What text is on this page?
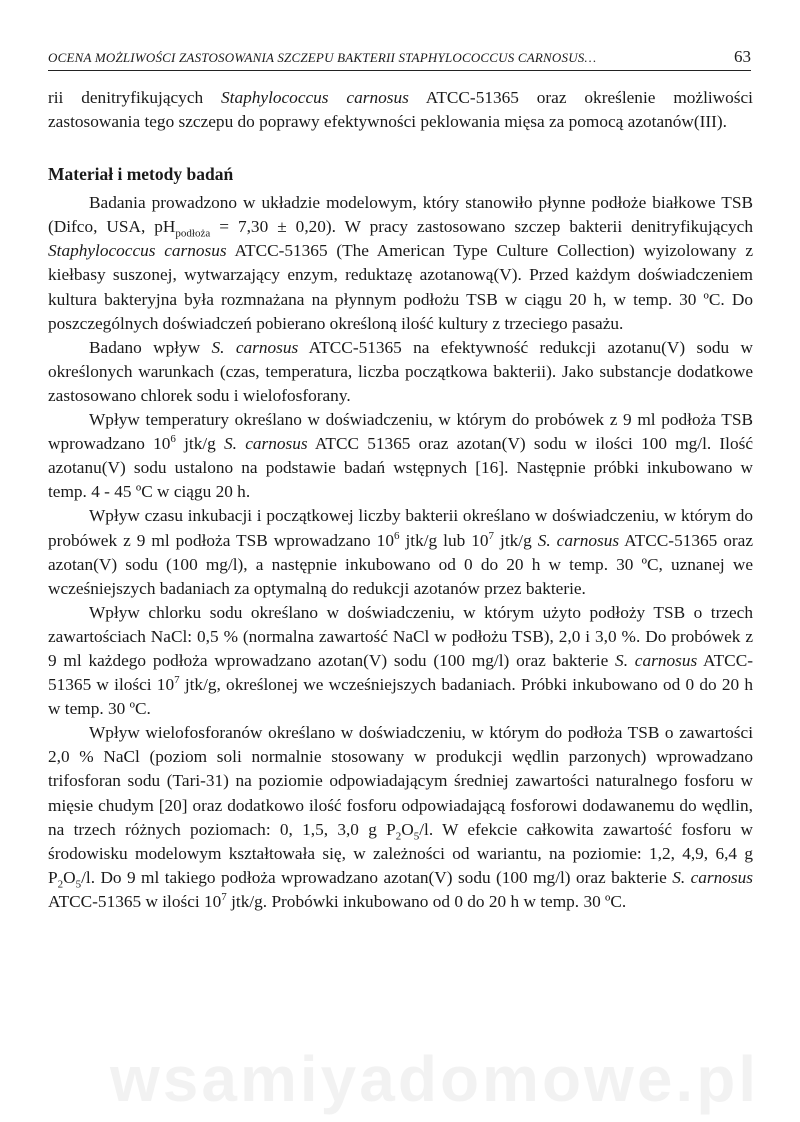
OCENA MOŻLIWOŚCI ZASTOSOWANIA SZCZEPU BAKTERII STAPHYLOCOCCUS CARNOSUS…	63

rii denitryfikujących Staphylococcus carnosus ATCC-51365 oraz określenie możliwości zastosowania tego szczepu do poprawy efektywności peklowania mięsa za pomocą azotanów(III).

Materiał i metody badań

Badania prowadzono w układzie modelowym, który stanowiło płynne podłoże białkowe TSB (Difco, USA, $pH_{podłoża} = 7,30 \pm 0,20$). W pracy zastosowano szczep bakterii denitryfikujących Staphylococcus carnosus ATCC-51365 (The American Type Culture Collection) wyizolowany z kiełbasy suszonej, wytwarzający enzym, reduktazę azotanową(V). Przed każdym doświadczeniem kultura bakteryjna była rozmnażana na płynnym podłożu TSB w ciągu 20 h, w temp. 30 ºC. Do poszczególnych doświadczeń pobierano określoną ilość kultury z trzeciego pasażu.

Badano wpływ S. carnosus ATCC-51365 na efektywność redukcji azotanu(V) sodu w określonych warunkach (czas, temperatura, liczba początkowa bakterii). Jako substancje dodatkowe zastosowano chlorek sodu i wielofosforany.

Wpływ temperatury określano w doświadczeniu, w którym do probówek z 9 ml podłoża TSB wprowadzano $10^6$ jtk/g S. carnosus ATCC 51365 oraz azotan(V) sodu w ilości 100 mg/l. Ilość azotanu(V) sodu ustalono na podstawie badań wstępnych [16]. Następnie próbki inkubowano w temp. 4 - 45 ºC w ciągu 20 h.

Wpływ czasu inkubacji i początkowej liczby bakterii określano w doświadczeniu, w którym do probówek z 9 ml podłoża TSB wprowadzano $10^6$ jtk/g lub $10^7$ jtk/g S. carnosus ATCC-51365 oraz azotan(V) sodu (100 mg/l), a następnie inkubowano od 0 do 20 h w temp. 30 ºC, uznanej we wcześniejszych badaniach za optymalną do redukcji azotanów przez bakterie.

Wpływ chlorku sodu określano w doświadczeniu, w którym użyto podłoży TSB o trzech zawartościach NaCl: 0,5 % (normalna zawartość NaCl w podłożu TSB), 2,0 i 3,0 %. Do probówek z 9 ml każdego podłoża wprowadzano azotan(V) sodu (100 mg/l) oraz bakterie S. carnosus ATCC-51365 w ilości $10^7$ jtk/g, określonej we wcześniejszych badaniach. Próbki inkubowano od 0 do 20 h w temp. 30 ºC.

Wpływ wielofosforanów określano w doświadczeniu, w którym do podłoża TSB o zawartości 2,0 % NaCl (poziom soli normalnie stosowany w produkcji wędlin parzonych) wprowadzano trifosforan sodu (Tari-31) na poziomie odpowiadającym średniej zawartości naturalnego fosforu w mięsie chudym [20] oraz dodatkowo ilość fosforu odpowiadającą fosforowi dodawanemu do wędlin, na trzech różnych poziomach: 0, 1,5, 3,0 g $P_2O_5/l$. W efekcie całkowita zawartość fosforu w środowisku modelowym kształtowała się, w zależności od wariantu, na poziomie: 1,2, 4,9, 6,4 g $P_2O_5/l$. Do 9 ml takiego podłoża wprowadzano azotan(V) sodu (100 mg/l) oraz bakterie S. carnosus ATCC-51365 w ilości $10^7$ jtk/g. Probówki inkubowano od 0 do 20 h w temp. 30 ºC.

wsamiyadomowe.pl
